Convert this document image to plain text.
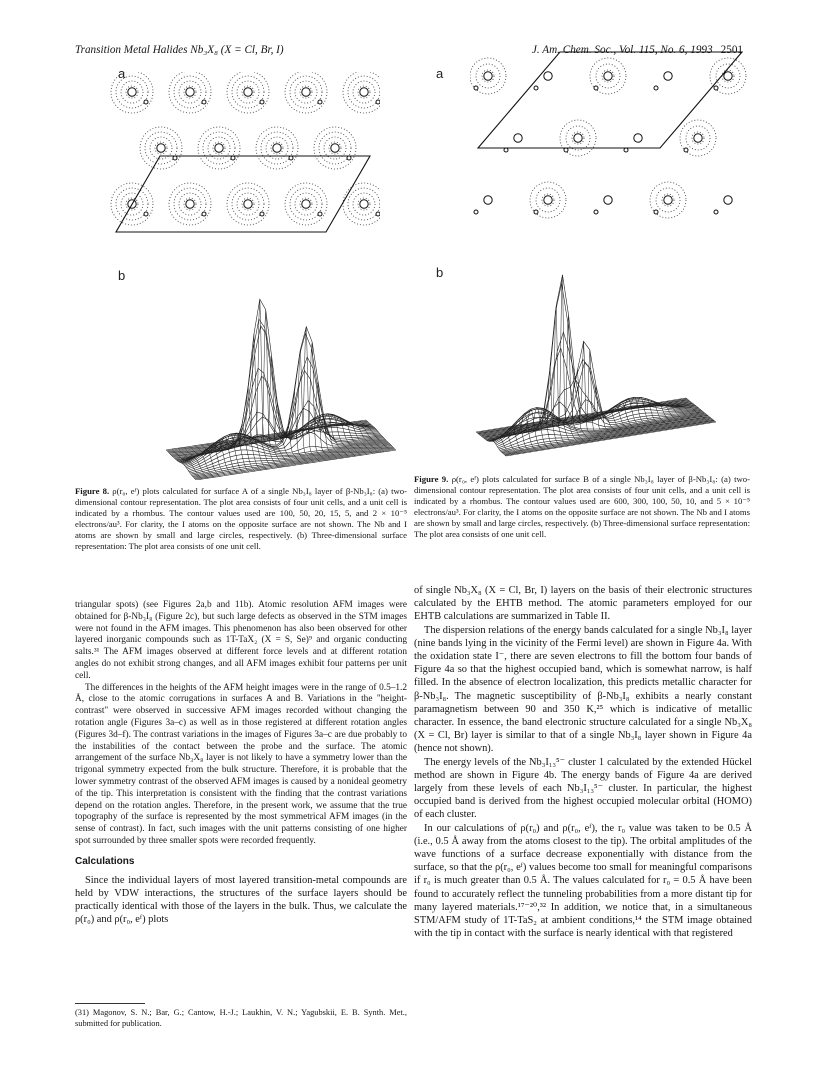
Transition Metal Halides Nb₃X₈ (X = Cl, Br, I)	J. Am. Chem. Soc., Vol. 115, No. 6, 1993 2501
a
b
Figure 8. ρ(r₀, eᶠ) plots calculated for surface A of a single Nb₃I₈ layer of β-Nb₃I₈: (a) two-dimensional contour representation. The plot area consists of four unit cells, and a unit cell is indicated by a rhombus. The contour values used are 100, 50, 20, 15, 5, and 2 × 10⁻⁵ electrons/au³. For clarity, the I atoms on the opposite surface are not shown. The Nb and I atoms are shown by small and large circles, respectively. (b) Three-dimensional surface representation: The plot area consists of one unit cell.
a
b
Figure 9. ρ(r₀, eᶠ) plots calculated for surface B of a single Nb₃I₈ layer of β-Nb₃I₈: (a) two-dimensional contour representation. The plot area consists of four unit cells, and a unit cell is indicated by a rhombus. The contour values used are 600, 300, 100, 50, 10, and 5 × 10⁻⁵ electrons/au³. For clarity, the I atoms on the opposite surface are not shown. The Nb and I atoms are shown by small and large circles, respectively. (b) Three-dimensional surface representation: The plot area consists of one unit cell.

triangular spots) (see Figures 2a,b and 11b). Atomic resolution AFM images were obtained for β-Nb₃I₈ (Figure 2c), but such large defects as observed in the STM images were not found in the AFM images. This phenomenon has also been observed for other layered inorganic compounds such as 1T-TaX₂ (X = S, Se)⁹ and organic conducting salts.³¹ The AFM images observed at different force levels and at different rotation angles do not exhibit strong changes, and all AFM images exhibit four patterns per unit cell.

The differences in the heights of the AFM height images were in the range of 0.5–1.2 Å, close to the atomic corrugations in surfaces A and B. Variations in the "height-contrast" were observed in successive AFM images recorded without changing the rotation angle (Figures 3a–c) as well as in those registered at different rotation angles (Figures 3d–f). The contrast variations in the images of Figures 3a–c are due probably to the instabilities of the contact between the probe and the surface. The atomic arrangement of the surface Nb₃X₈ layer is not likely to have a symmetry lower than the trigonal symmetry expected from the bulk structure. Therefore, it is probable that the lower symmetry contrast of the observed AFM images is caused by a nonideal geometry of the tip. This interpretation is consistent with the finding that the contrast variations depend on the rotation angles. Therefore, in the present work, we assume that the true topography of the surface is represented by the most symmetrical AFM images (in the sense of contrast). In fact, such images with the unit patterns consisting of one higher spot surrounded by three smaller spots were recorded frequently.

Calculations

Since the individual layers of most layered transition-metal compounds are held by VDW interactions, the structures of the surface layers should be practically identical with those of the layers in the bulk. Thus, we calculate the ρ(r₀) and ρ(r₀, eᶠ) plots

(31) Magonov, S. N.; Bar, G.; Cantow, H.-J.; Laukhin, V. N.; Yagubskii, E. B. Synth. Met., submitted for publication.

of single Nb₃X₈ (X = Cl, Br, I) layers on the basis of their electronic structures calculated by the EHTB method. The atomic parameters employed for our EHTB calculations are summarized in Table II.

The dispersion relations of the energy bands calculated for a single Nb₃I₈ layer (nine bands lying in the vicinity of the Fermi level) are shown in Figure 4a. With the oxidation state I⁻, there are seven electrons to fill the bottom four bands of Figure 4a so that the highest occupied band, which is somewhat narrow, is half filled. In the absence of electron localization, this predicts metallic character for β-Nb₃I₈. The magnetic susceptibility of β-Nb₃I₈ exhibits a nearly constant paramagnetism between 90 and 350 K,²⁵ which is indicative of metallic character. In essence, the band electronic structure calculated for a single Nb₃X₈ (X = Cl, Br) layer is similar to that of a single Nb₃I₈ layer shown in Figure 4a (hence not shown).

The energy levels of the Nb₃I₁₃⁵⁻ cluster 1 calculated by the extended Hückel method are shown in Figure 4b. The energy bands of Figure 4a are derived largely from these levels of each Nb₃I₁₃⁵⁻ cluster. In particular, the highest occupied band is derived from the highest occupied molecular orbital (HOMO) of each cluster.

In our calculations of ρ(r₀) and ρ(r₀, eᶠ), the r₀ value was taken to be 0.5 Å (i.e., 0.5 Å away from the atoms closest to the tip). The orbital amplitudes of the wave functions of a surface decrease exponentially with distance from the surface, so that the ρ(r₀, eᶠ) values become too small for meaningful comparisons if r₀ is much greater than 0.5 Å. The values calculated for r₀ = 0.5 Å have been found to accurately reflect the tunneling probabilities from a more distant tip for many layered materials.¹⁷⁻²⁰,³² In addition, we notice that, in a simultaneous STM/AFM study of 1T-TaS₂ at ambient conditions,¹⁴ the STM image obtained with the tip in contact with the surface is nearly identical with that registered
